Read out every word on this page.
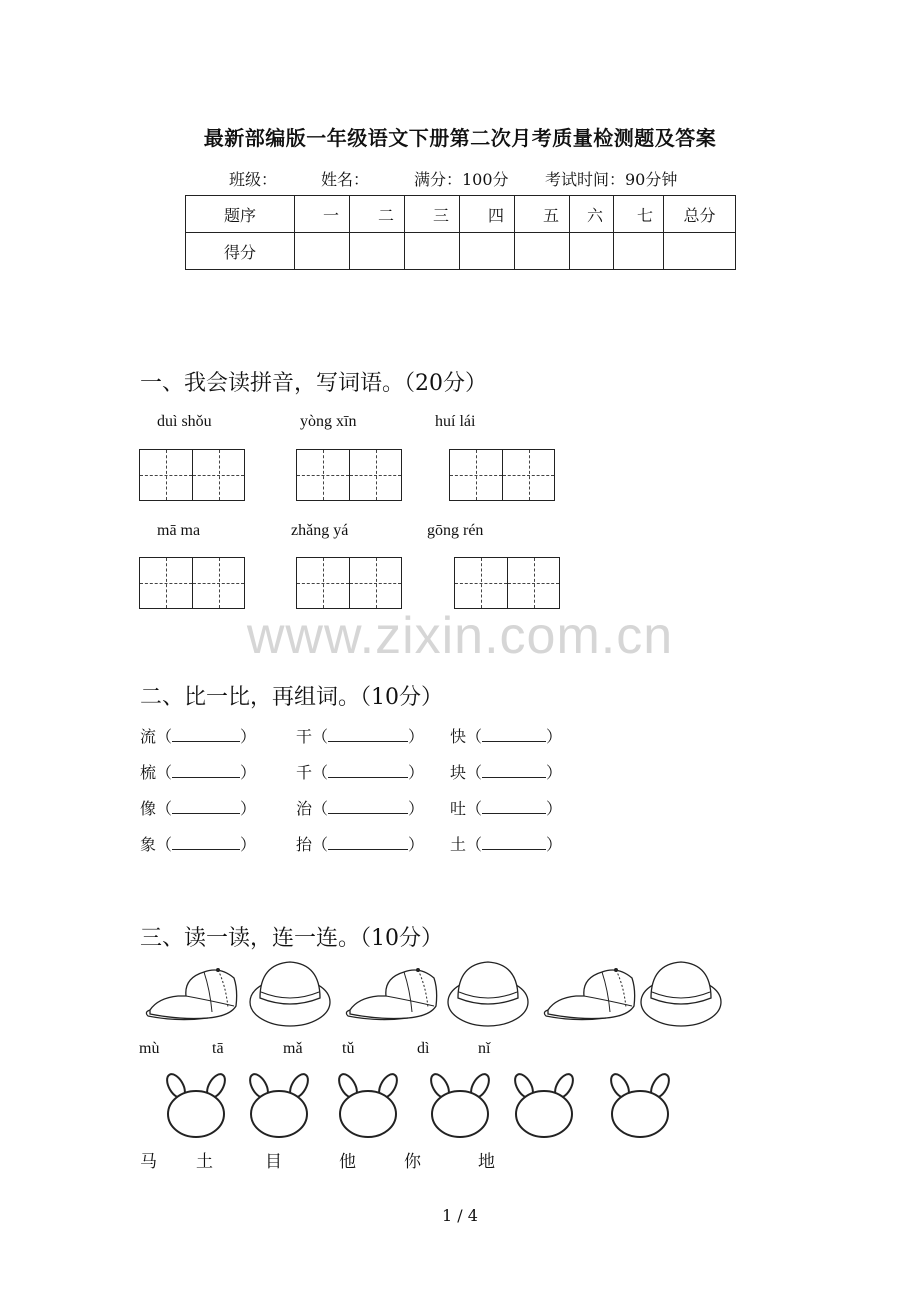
最新部编版一年级语文下册第二次月考质量检测题及答案
班级：	姓名：	满分：100分 考试时间：90分钟
题序	一	二	三	四	五	六	七	总分
得分								
一、我会读拼音，写词语。（20分）
duì shǒu	yòng xīn	huí lái
mā ma	zhǎng yá	gōng rén
www.zixin.com.cn
二、比一比，再组词。（10分）
流（	） 干（	） 快（	）
梳（	） 千（	） 块（	）
像（	） 治（	） 吐（	）
象（	） 抬（	） 土（	）
三、读一读，连一连。（10分）
mù	tā	mǎ tǔ	dì	nǐ
马 土	目	他	你	地
1 / 4
